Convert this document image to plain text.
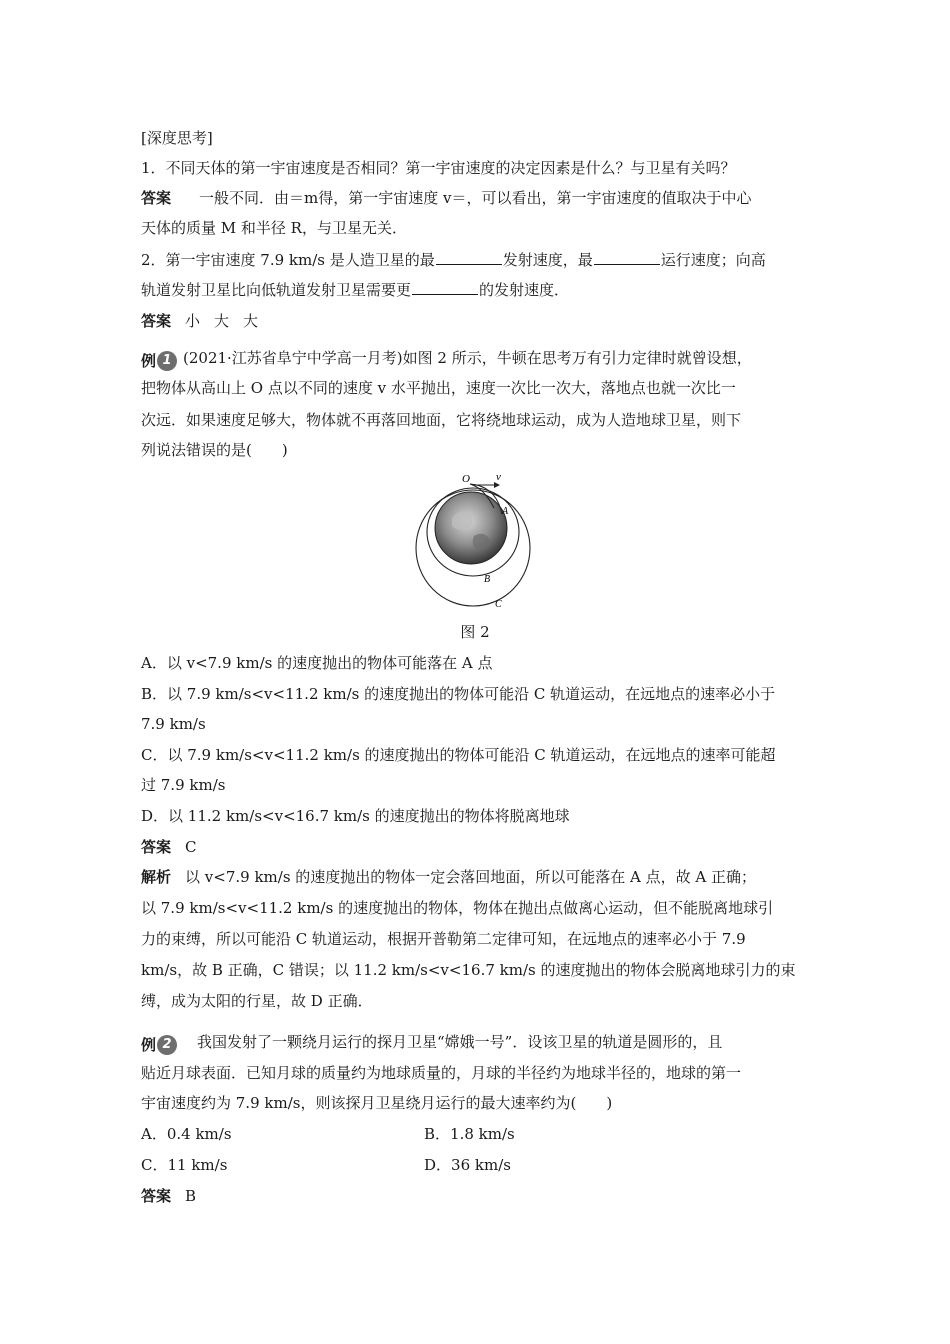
[深度思考]
1．不同天体的第一宇宙速度是否相同？第一宇宙速度的决定因素是什么？与卫星有关吗？
答案 一般不同．由＝m得，第一宇宙速度 v＝，可以看出，第一宇宙速度的值取决于中心
天体的质量 M 和半径 R，与卫星无关．
2．第一宇宙速度 7.9 km/s 是人造卫星的最	发射速度，最	运行速度；向高
轨道发射卫星比向低轨道发射卫星需要更	的发射速度．
答案 小 大 大
例 1 (2021·江苏省阜宁中学高一月考)如图 2 所示，牛顿在思考万有引力定律时就曾设想，
把物体从高山上 O 点以不同的速度 v 水平抛出，速度一次比一次大，落地点也就一次比一
次远．如果速度足够大，物体就不再落回地面，它将绕地球运动，成为人造地球卫星，则下
列说法错误的是( )
O v
A
B
C
图 2
A．以 v<7.9 km/s 的速度抛出的物体可能落在 A 点
B．以 7.9 km/s<v<11.2 km/s 的速度抛出的物体可能沿 C 轨道运动，在远地点的速率必小于
7.9 km/s
C．以 7.9 km/s<v<11.2 km/s 的速度抛出的物体可能沿 C 轨道运动，在远地点的速率可能超
过 7.9 km/s
D．以 11.2 km/s<v<16.7 km/s 的速度抛出的物体将脱离地球
答案 C
解析 以 v<7.9 km/s 的速度抛出的物体一定会落回地面，所以可能落在 A 点，故 A 正确；
以 7.9 km/s<v<11.2 km/s 的速度抛出的物体，物体在抛出点做离心运动，但不能脱离地球引
力的束缚，所以可能沿 C 轨道运动，根据开普勒第二定律可知，在远地点的速率必小于 7.9
km/s，故 B 正确，C 错误；以 11.2 km/s<v<16.7 km/s 的速度抛出的物体会脱离地球引力的束
缚，成为太阳的行星，故 D 正确．
例 2	我国发射了一颗绕月运行的探月卫星“嫦娥一号”．设该卫星的轨道是圆形的，且
贴近月球表面．已知月球的质量约为地球质量的，月球的半径约为地球半径的，地球的第一
宇宙速度约为 7.9 km/s，则该探月卫星绕月运行的最大速率约为( )
A．0.4 km/s	B．1.8 km/s
C．11 km/s	D．36 km/s
答案 B
